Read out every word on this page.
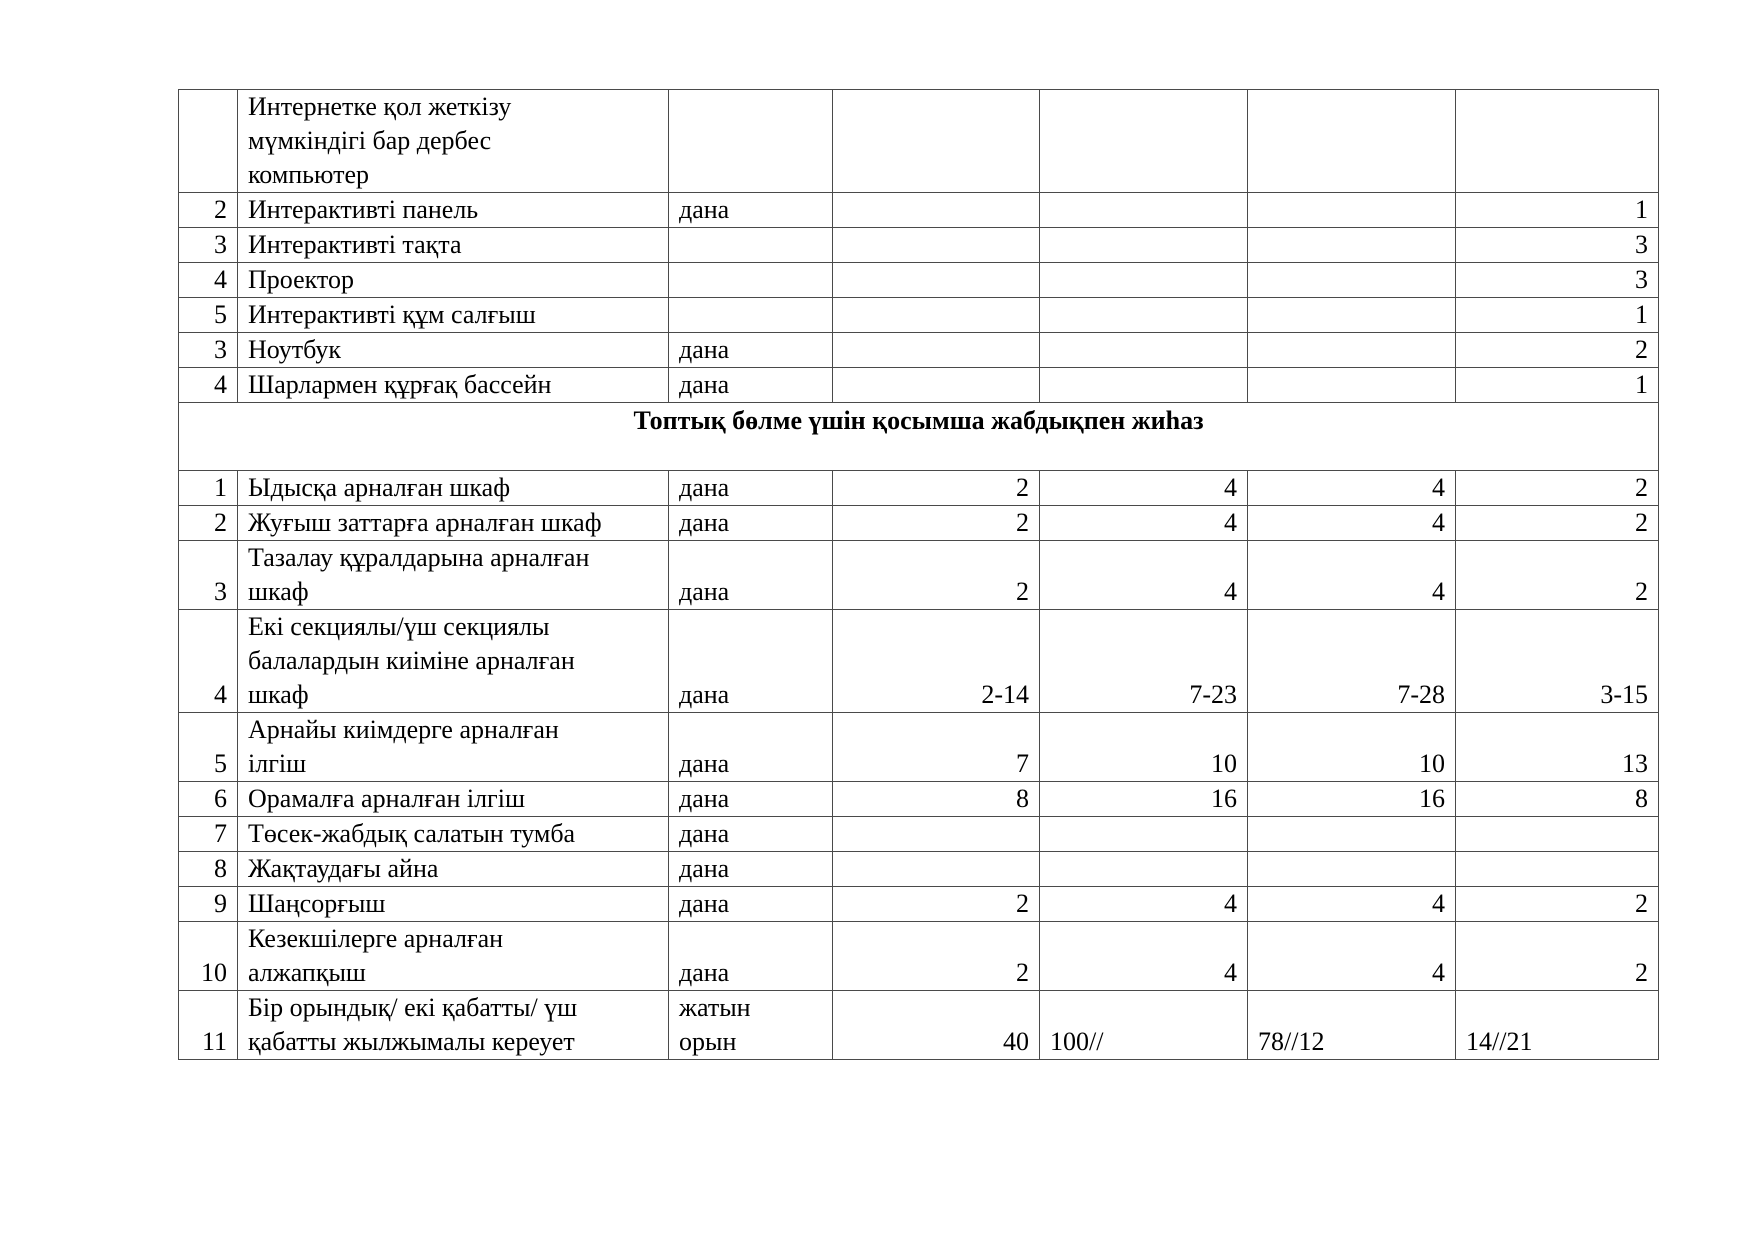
	Интернетке қол жеткізу
мүмкіндігі бар дербес
компьютер					
2	Интерактивті панель	дана				1
3	Интерактивті тақта					3
4	Проектор					3
5	Интерактивті құм салғыш					1
3	Ноутбук	дана				2
4	Шарлармен құрғақ бассейн	дана				1
Топтық бөлме үшін қосымша жабдықпен жиһаз						
1	Ыдысқа арналған шкаф	дана	2	4	4	2
2	Жуғыш заттарға арналған шкаф	дана	2	4	4	2
3	Тазалау құралдарына арналған
шкаф	дана	2	4	4	2
4	Екі секциялы/үш секциялы
балалардын киіміне арналған
шкаф	дана	2-14	7-23	7-28	3-15
5	Арнайы киімдерге арналған
ілгіш	дана	7	10	10	13
6	Орамалға арналған ілгіш	дана	8	16	16	8
7	Төсек-жабдық салатын тумба	дана				
8	Жақтаудағы айна	дана				
9	Шаңсорғыш	дана	2	4	4	2
10	Кезекшілерге арналған
алжапқыш	дана	2	4	4	2
11	Бір орындық/ екі қабатты/ үш
қабатты жылжымалы кереует	жатын
орын	40	100//	78//12	14//21
